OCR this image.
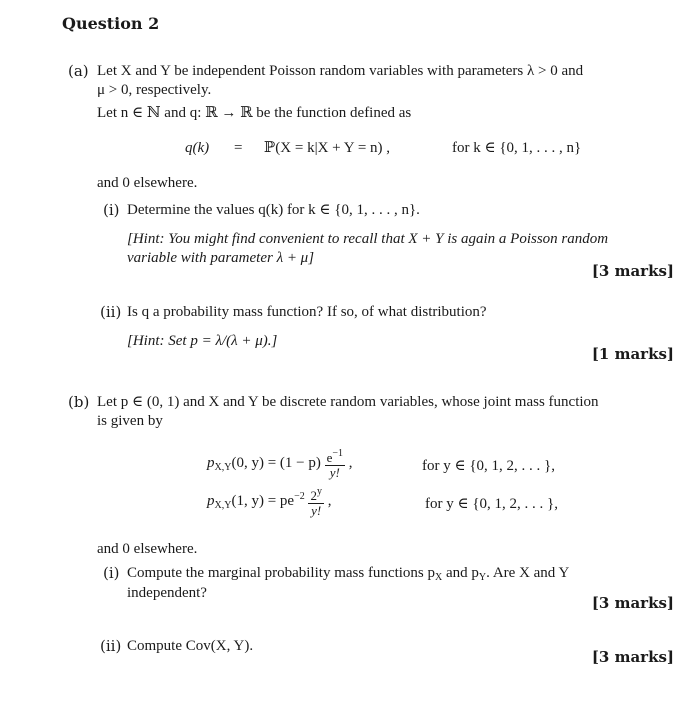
Question 2
(a) Let X and Y be independent Poisson random variables with parameters λ > 0 and
μ > 0, respectively.
Let n ∈ ℕ and q: ℝ → ℝ be the function defined as
q(k) = ℙ(X = k|X + Y = n) ,	for k ∈ {0, 1, . . . , n}
and 0 elsewhere.
(i) Determine the values q(k) for k ∈ {0, 1, . . . , n}.
[Hint: You might find convenient to recall that X + Y is again a Poisson random
variable with parameter λ + μ]
[3 marks]
(ii) Is q a probability mass function? If so, of what distribution?
[Hint: Set p = λ/(λ + μ).]
[1 marks]
(b) Let p ∈ (0, 1) and X and Y be discrete random variables, whose joint mass function
is given by
$p_{X,Y}(0$, $y) = (1 - p) \frac{e^{-1}}{y!}$ ,	for y ∈ {0, 1, 2, . . . },
$p_{X,Y}(1$, $y) = pe^{-2} \frac{2^y}{y!}$ ,	for y ∈ {0, 1, 2, . . . },
and 0 elsewhere.
(i) Compute the marginal probability mass functions $p_X$ and $p_Y$. Are X and Y
independent?
[3 marks]
(ii) Compute Cov(X, Y).
[3 marks]
